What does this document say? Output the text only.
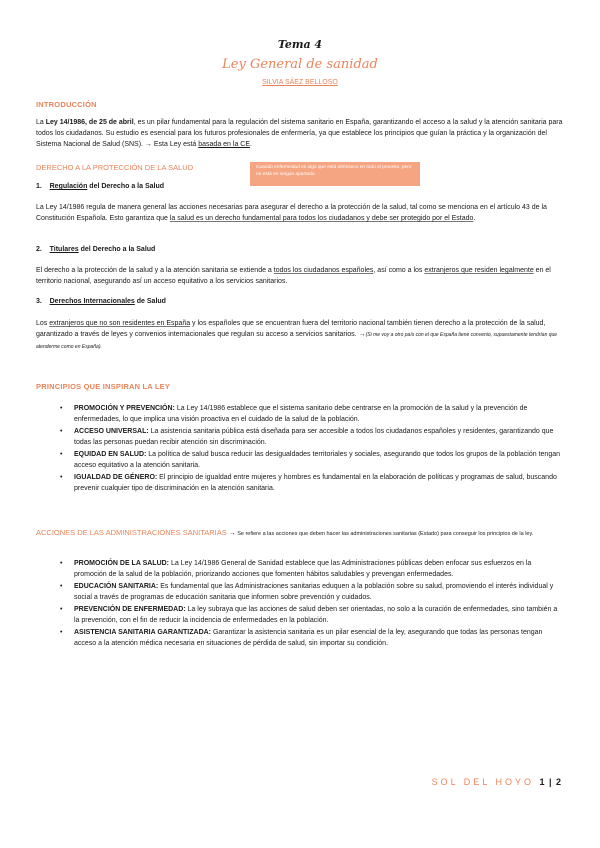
Tema 4
Ley General de sanidad
SILVIA SÁEZ BELLOSO
INTRODUCCIÓN
La Ley 14/1986, de 25 de abril, es un pilar fundamental para la regulación del sistema sanitario en España, garantizando el acceso a la salud y la atención sanitaria para todos los ciudadanos. Su estudio es esencial para los futuros profesionales de enfermería, ya que establece los principios que guían la práctica y la organización del Sistema Nacional de Salud (SNS). → Esta Ley está basada en la CE.
DERECHO A LA PROTECCIÓN DE LA SALUD	Cuando enfermedad es algo que está intrínseco en todo el proceso, pero no está en ningún apartado.
1. Regulación del Derecho a la Salud
La Ley 14/1986 regula de manera general las acciones necesarias para asegurar el derecho a la protección de la salud, tal como se menciona en el artículo 43 de la Constitución Española. Esto garantiza que la salud es un derecho fundamental para todos los ciudadanos y debe ser protegido por el Estado.
2. Titulares del Derecho a la Salud
El derecho a la protección de la salud y a la atención sanitaria se extiende a todos los ciudadanos españoles, así como a los extranjeros que residen legalmente en el territorio nacional, asegurando así un acceso equitativo a los servicios sanitarios.
3. Derechos Internacionales de Salud
Los extranjeros que no son residentes en España y los españoles que se encuentran fuera del territorio nacional también tienen derecho a la protección de la salud, garantizado a través de leyes y convenios internacionales que regulan su acceso a servicios sanitarios. →(Si me voy a otro país con el que España tiene convenio, supuestamente tendrían que atenderme como en España).
PRINCIPIOS QUE INSPIRAN LA LEY
• PROMOCIÓN Y PREVENCIÓN: La Ley 14/1986 establece que el sistema sanitario debe centrarse en la promoción de la salud y la prevención de enfermedades, lo que implica una visión proactiva en el cuidado de la salud de la población.
• ACCESO UNIVERSAL: La asistencia sanitaria pública está diseñada para ser accesible a todos los ciudadanos españoles y residentes, garantizando que todas las personas puedan recibir atención sin discriminación.
• EQUIDAD EN SALUD: La política de salud busca reducir las desigualdades territoriales y sociales, asegurando que todos los grupos de la población tengan acceso equitativo a la atención sanitaria.
• IGUALDAD DE GÉNERO: El principio de igualdad entre mujeres y hombres es fundamental en la elaboración de políticas y programas de salud, buscando prevenir cualquier tipo de discriminación en la atención sanitaria.
ACCIONES DE LAS ADMINISTRACIONES SANITARIAS → Se refiere a las acciones que deben hacer las administraciones sanitarias (Estado) para conseguir los principios de la ley.
• PROMOCIÓN DE LA SALUD: La Ley 14/1986 General de Sanidad establece que las Administraciones públicas deben enfocar sus esfuerzos en la promoción de la salud de la población, priorizando acciones que fomenten hábitos saludables y prevengan enfermedades.
• EDUCACIÓN SANITARIA: Es fundamental que las Administraciones sanitarias eduquen a la población sobre su salud, promoviendo el interés individual y social a través de programas de educación sanitaria que informen sobre prevención y cuidados.
• PREVENCIÓN DE ENFERMEDAD: La ley subraya que las acciones de salud deben ser orientadas, no solo a la curación de enfermedades, sino también a la prevención, con el fin de reducir la incidencia de enfermedades en la población.
• ASISTENCIA SANITARIA GARANTIZADA: Garantizar la asistencia sanitaria es un pilar esencial de la ley, asegurando que todas las personas tengan acceso a la atención médica necesaria en situaciones de pérdida de salud, sin importar su condición.
SOL DEL HOYO 1 | 2
